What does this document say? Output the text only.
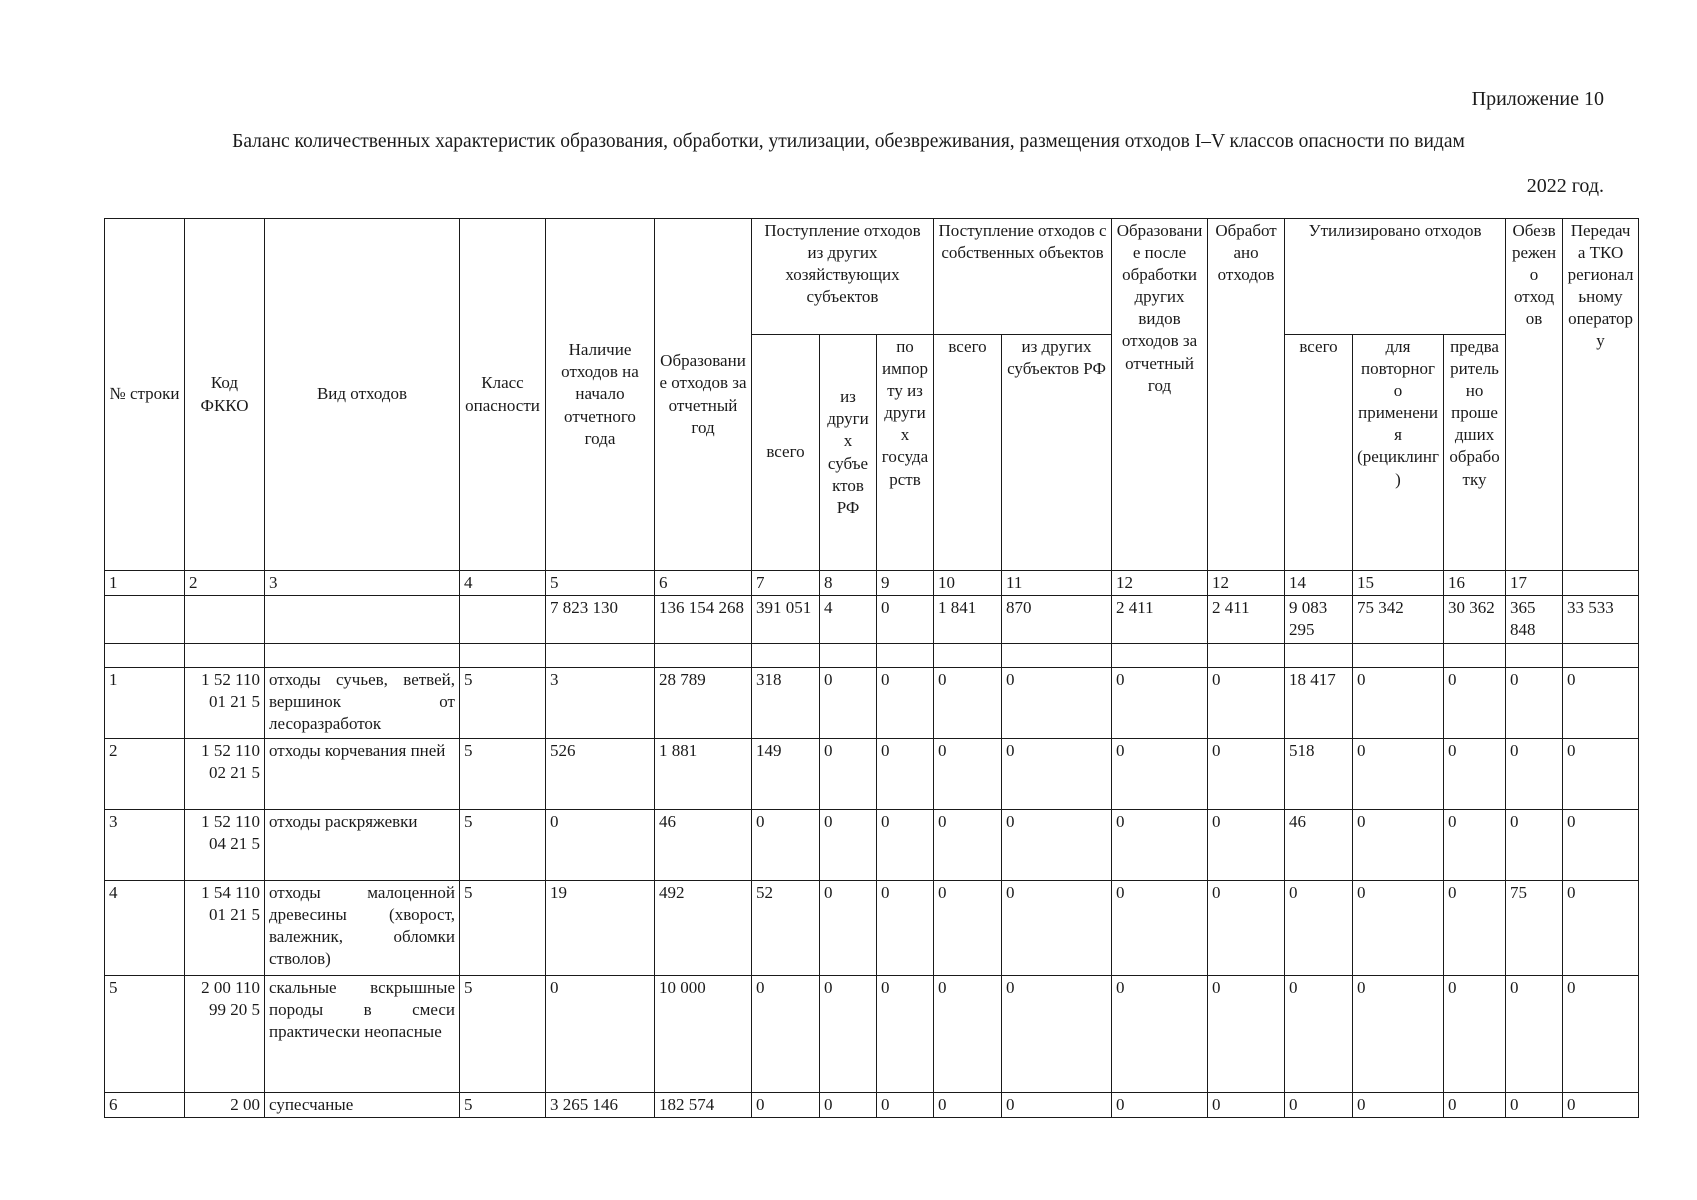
Приложение 10

Баланс количественных характеристик образования, обработки, утилизации, обезвреживания, размещения отходов I–V классов опасности по видам

2022 год.

№ строки	Код ФККО	Вид отходов	Класс опасности	Наличие отходов на начало отчетного года	Образование отходов за отчетный год	Поступление отходов из других хозяйствующих субъектов			Поступление отходов с собственных объектов		Образование после обработки других видов отходов за отчетный год	Обработано отходов	Утилизировано отходов			Обезврежено отходов	Передача ТКО региональному оператору
						всего	из других субъектов РФ	по импорту из других государств	всего	из других субъектов РФ			всего	для повторного применения (рециклинг)	предварительно прошедших обработку		
1	2	3	4	5	6	7	8	9	10	11	12	12	14	15	16	17	
				7 823 130	136 154 268	391 051	4	0	1 841	870	2 411	2 411	9 083 295	75 342	30 362	365 848	33 533

1	1 52 110 01 21 5	отходы сучьев, ветвей, вершинок от лесоразработок	5	3	28 789	318	0	0	0	0	0	0	18 417	0	0	0	0
2	1 52 110 02 21 5	отходы корчевания пней	5	526	1 881	149	0	0	0	0	0	0	518	0	0	0	0
3	1 52 110 04 21 5	отходы раскряжевки	5	0	46	0	0	0	0	0	0	0	46	0	0	0	0
4	1 54 110 01 21 5	отходы малоценной древесины (хворост, валежник, обломки стволов)	5	19	492	52	0	0	0	0	0	0	0	0	0	75	0
5	2 00 110 99 20 5	скальные вскрышные породы в смеси практически неопасные	5	0	10 000	0	0	0	0	0	0	0	0	0	0	0	0
6	2 00	супесчаные	5	3 265 146	182 574	0	0	0	0	0	0	0	0	0	0	0	0
